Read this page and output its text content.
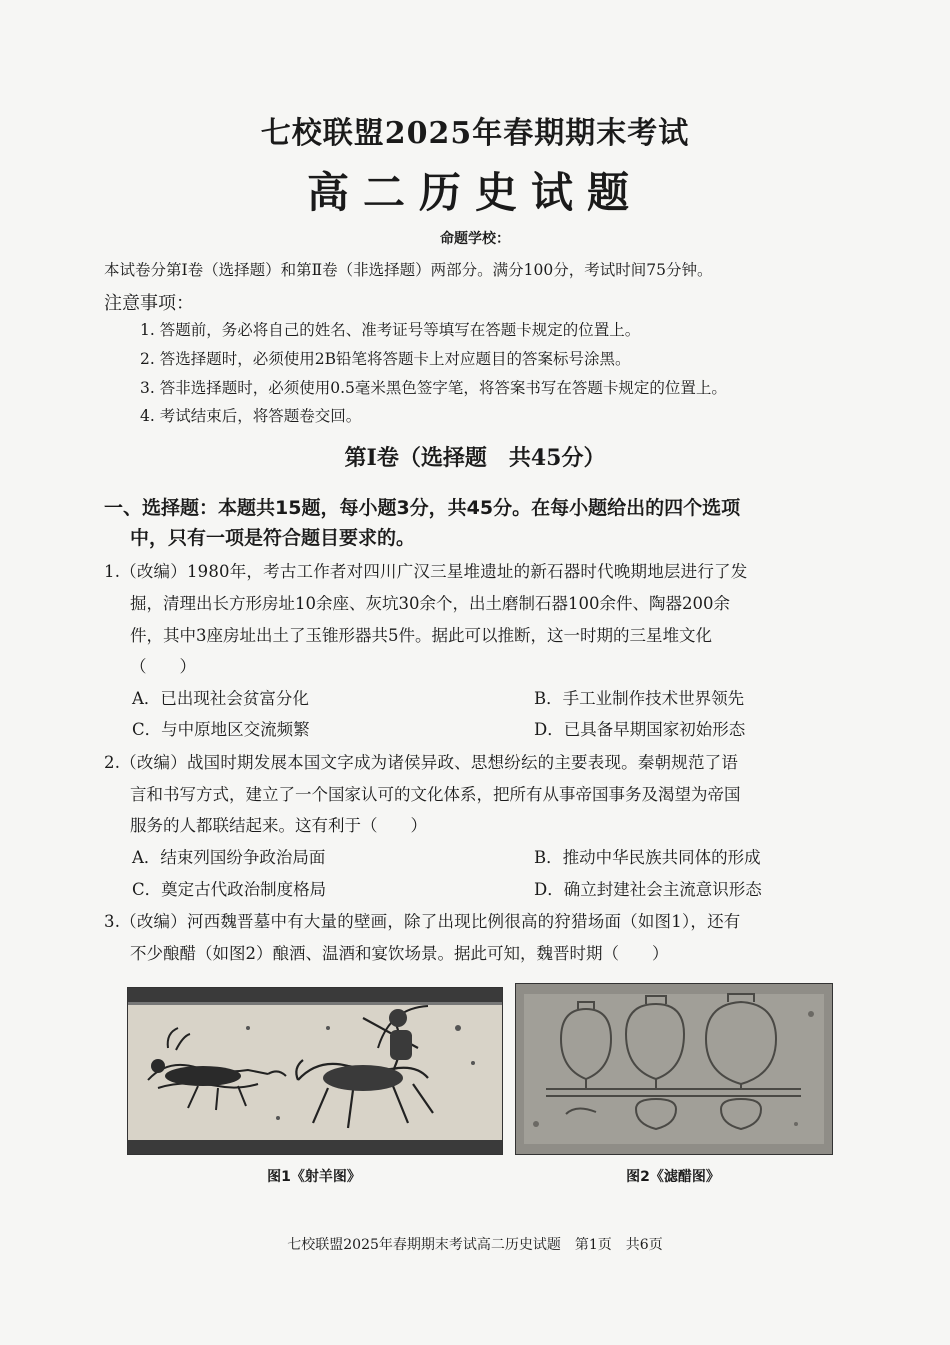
七校联盟2025年春期期末考试
高二历史试题
命题学校：
本试卷分第Ⅰ卷（选择题）和第Ⅱ卷（非选择题）两部分。满分100分，考试时间75分钟。
注意事项：
1. 答题前，务必将自己的姓名、准考证号等填写在答题卡规定的位置上。
2. 答选择题时，必须使用2B铅笔将答题卡上对应题目的答案标号涂黑。
3. 答非选择题时，必须使用0.5毫米黑色签字笔，将答案书写在答题卡规定的位置上。
4. 考试结束后，将答题卷交回。
第Ⅰ卷（选择题　共45分）
一、选择题：本题共15题，每小题3分，共45分。在每小题给出的四个选项
中，只有一项是符合题目要求的。
1.（改编）1980年，考古工作者对四川广汉三星堆遗址的新石器时代晚期地层进行了发
掘，清理出长方形房址10余座、灰坑30余个，出土磨制石器100余件、陶器200余
件，其中3座房址出土了玉锥形器共5件。据此可以推断，这一时期的三星堆文化
（　　）
A．已出现社会贫富分化	B．手工业制作技术世界领先
C．与中原地区交流频繁	D．已具备早期国家初始形态
2.（改编）战国时期发展本国文字成为诸侯异政、思想纷纭的主要表现。秦朝规范了语
言和书写方式，建立了一个国家认可的文化体系，把所有从事帝国事务及渴望为帝国
服务的人都联结起来。这有利于（　　）
A．结束列国纷争政治局面	B．推动中华民族共同体的形成
C．奠定古代政治制度格局	D．确立封建社会主流意识形态
3.（改编）河西魏晋墓中有大量的壁画，除了出现比例很高的狩猎场面（如图1），还有
不少酿醋（如图2）酿酒、温酒和宴饮场景。据此可知，魏晋时期（　　）
图1《射羊图》	图2《滤醋图》
七校联盟2025年春期期末考试高二历史试题　第1页　共6页
